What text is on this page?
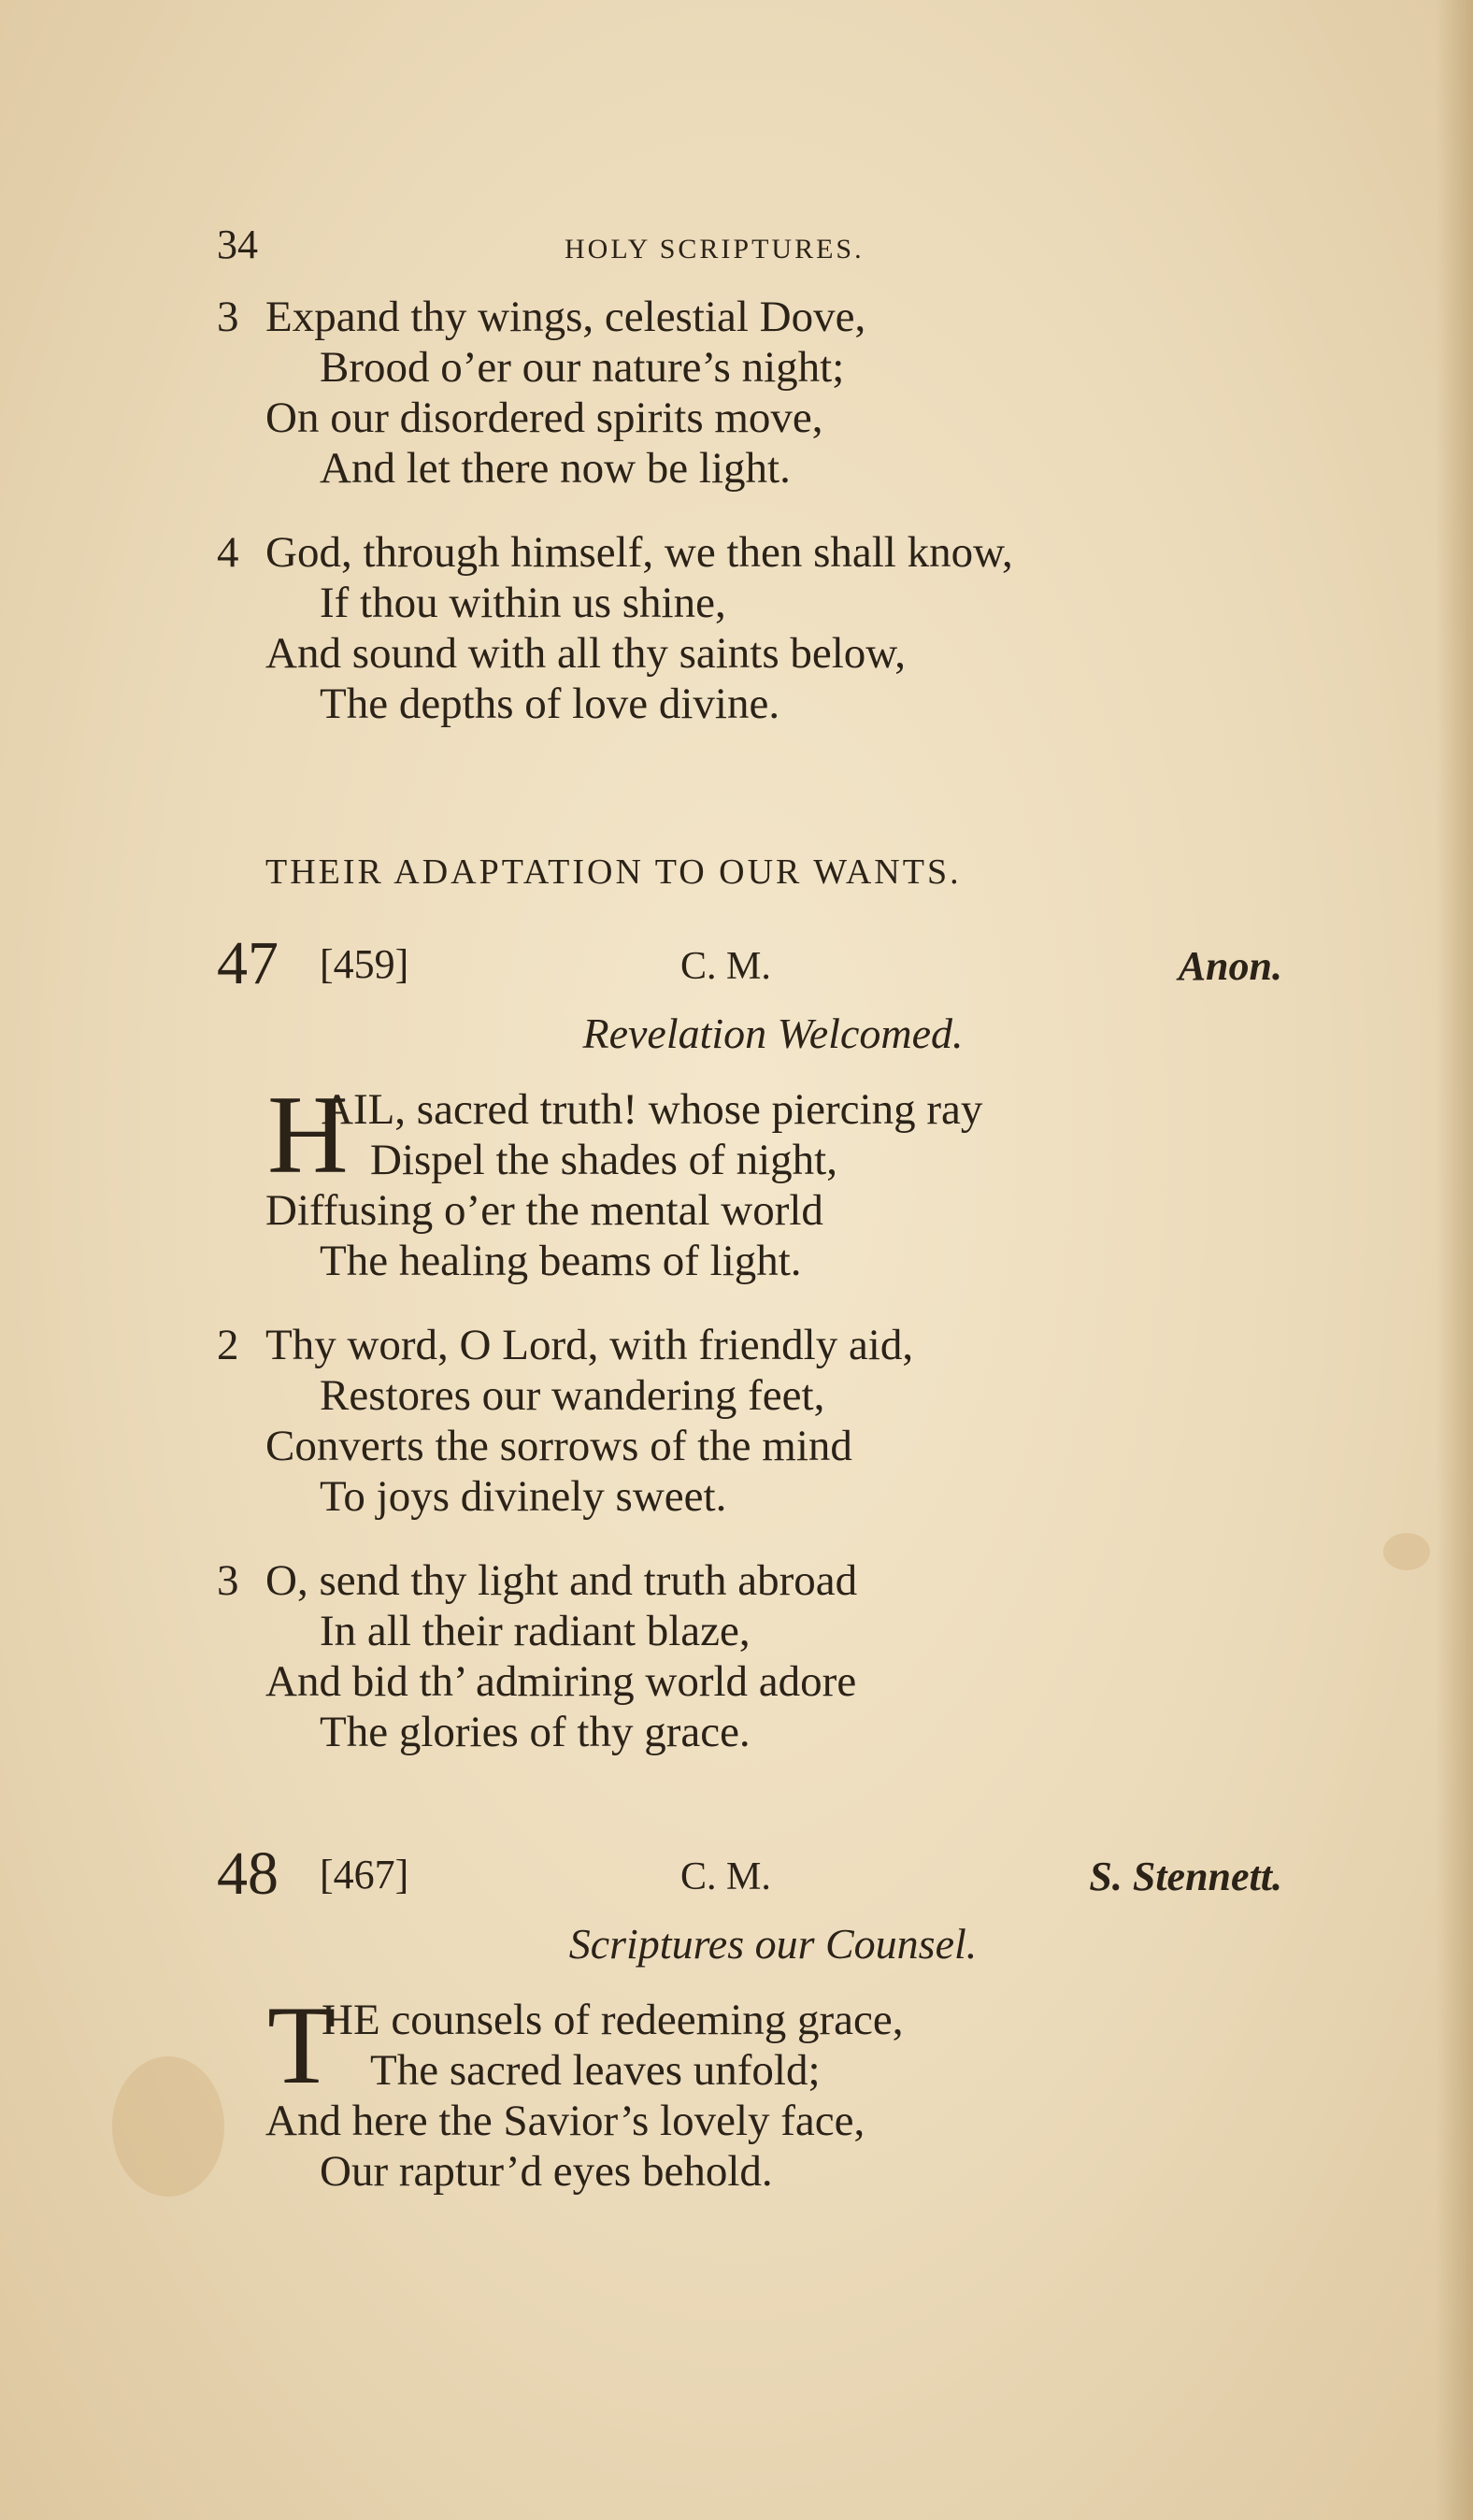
34	HOLY SCRIPTURES.
3 Expand thy wings, celestial Dove,
Brood o’er our nature’s night;
On our disordered spirits move,
And let there now be light.
4 God, through himself, we then shall know,
If thou within us shine,
And sound with all thy saints below,
The depths of love divine.
THEIR ADAPTATION TO OUR WANTS.
47 [459]	C. M.	Anon.
Revelation Welcomed.
H
AIL, sacred truth! whose piercing ray
Dispel the shades of night,
Diffusing o’er the mental world
The healing beams of light.
2 Thy word, O Lord, with friendly aid,
Restores our wandering feet,
Converts the sorrows of the mind
To joys divinely sweet.
3 O, send thy light and truth abroad
In all their radiant blaze,
And bid th’ admiring world adore
The glories of thy grace.
48 [467]	C. M.	S. Stennett.
Scriptures our Counsel.
T
HE counsels of redeeming grace,
The sacred leaves unfold;
And here the Savior’s lovely face,
Our raptur’d eyes behold.
